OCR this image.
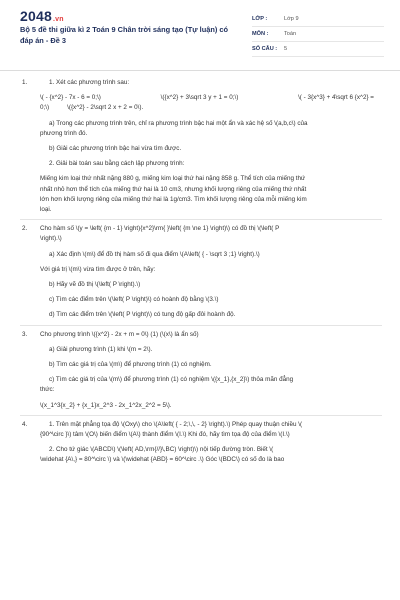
2048.vn
Bộ 5 đề thi giữa kì 2 Toán 9 Chân trời sáng tạo (Tự luận) có đáp án - Đề 3
LỚP :	Lớp 9
MÔN :	Toán
SỐ CÂU :	5
1.	1. Xét các phương trình sau:

\( - {x^2} - 7x - 6 = 0;\)	\({x^2} + 3\sqrt 3 y + 1 = 0;\)	\( - 3{x^3} + 4\sqrt 6 {x^2} =
0;\)	\({x^2} - 2\sqrt 2 x + 2 = 0\).

a) Trong các phương trình trên, chỉ ra phương trình bậc hai một ẩn và xác hệ số \(a,b,c\) của

phương trình đó.

b) Giải các phương trình bậc hai vừa tìm được.

2. Giải bài toán sau bằng cách lập phương trình:

Miếng kim loại thứ nhất nặng 880 g, miếng kim loại thứ hai nặng 858 g. Thể tích của miếng thứ

nhất nhỏ hơn thể tích của miếng thứ hai là 10 cm3, nhưng khối lượng riêng của miếng thứ nhất

lớn hơn khối lượng riêng của miếng thứ hai là 1g/cm3. Tìm khối lượng riêng của mỗi miếng kim

loại.

2. Cho hàm số \(y = \left( {m - 1} \right){x^2}\rm{ }\left( {m \ne 1} \right)\) có đồ thị \(\left( P

\right).\)

a) Xác định \(m\) để đồ thị hàm số đi qua điểm \(A\left( { - \sqrt 3 ;1} \right).\)

Với giá trị \(m\) vừa tìm được ở trên, hãy:

b) Hãy vẽ đồ thị \(\left( P \right).\)

c) Tìm các điểm trên \(\left( P \right)\) có hoành độ bằng \(3.\)

d) Tìm các điểm trên \(\left( P \right)\) có tung độ gấp đôi hoành độ.

3. Cho phương trình \({x^2} - 2x + m = 0\) (1) (\(x\) là ẩn số)

a) Giải phương trình (1) khi \(m = 2\).

b) Tìm các giá trị của \(m\) để phương trình (1) có nghiệm.

c) Tìm các giá trị của \(m\) để phương trình (1) có nghiệm \({x_1},{x_2}\) thỏa mãn đẳng

thức:

\(x_1^3{x_2} + {x_1}x_2^3 - 2x_1^2x_2^2 = 5\).

4.	1. Trên mặt phẳng tọa độ \(Oxy\) cho \(A\left( { - 2;\,\, - 2} \right).\) Phép quay thuận chiều \(

{90^\circ }\) tâm \(O\) biến điểm \(A\) thành điểm \(I.\) Khi đó, hãy tìm tọa độ của điểm \(I.\)

2. Cho tứ giác \(ABCD\) \(\left( AD,\rm{//}\,BC) \right)\) nội tiếp đường tròn. Biết \(

\widehat {A\,} = 80^\circ \) và \(\widehat {ABD} = 60^\circ .\) Góc \(BDC\) có số đo là bao
